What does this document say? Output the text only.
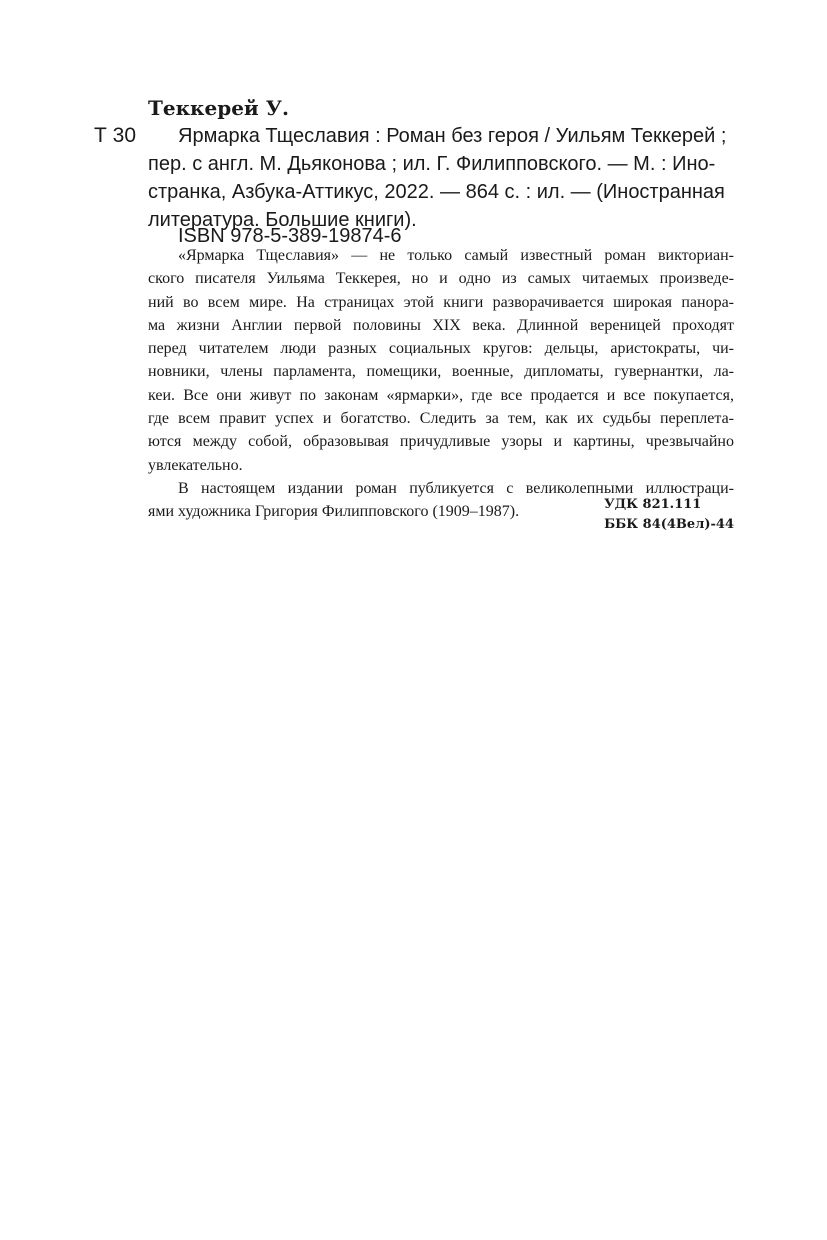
Теккерей У.
Т 30 Ярмарка Тщеславия : Роман без героя / Уильям Теккерей ;
пер. с англ. М. Дьяконова ; ил. Г. Филипповского. — М. : Ино-
странка, Азбука-Аттикус, 2022. — 864 с. : ил. — (Иностранная
литература. Большие книги).
ISBN 978-5-389-19874-6
«Ярмарка Тщеславия» — не только самый известный роман викториан-
ского писателя Уильяма Теккерея, но и одно из самых читаемых произведе-
ний во всем мире. На страницах этой книги разворачивается широкая панора-
ма жизни Англии первой половины XIX века. Длинной вереницей проходят
перед читателем люди разных социальных кругов: дельцы, аристократы, чи-
новники, члены парламента, помещики, военные, дипломаты, гувернантки, ла-
кеи. Все они живут по законам «ярмарки», где все продается и все покупается,
где всем правит успех и богатство. Следить за тем, как их судьбы переплета-
ются между собой, образовывая причудливые узоры и картины, чрезвычайно
увлекательно.
В настоящем издании роман публикуется с великолепными иллюстраци-
ями художника Григория Филипповского (1909–1987).	УДК 821.111
ББК 84(4Вел)-44
